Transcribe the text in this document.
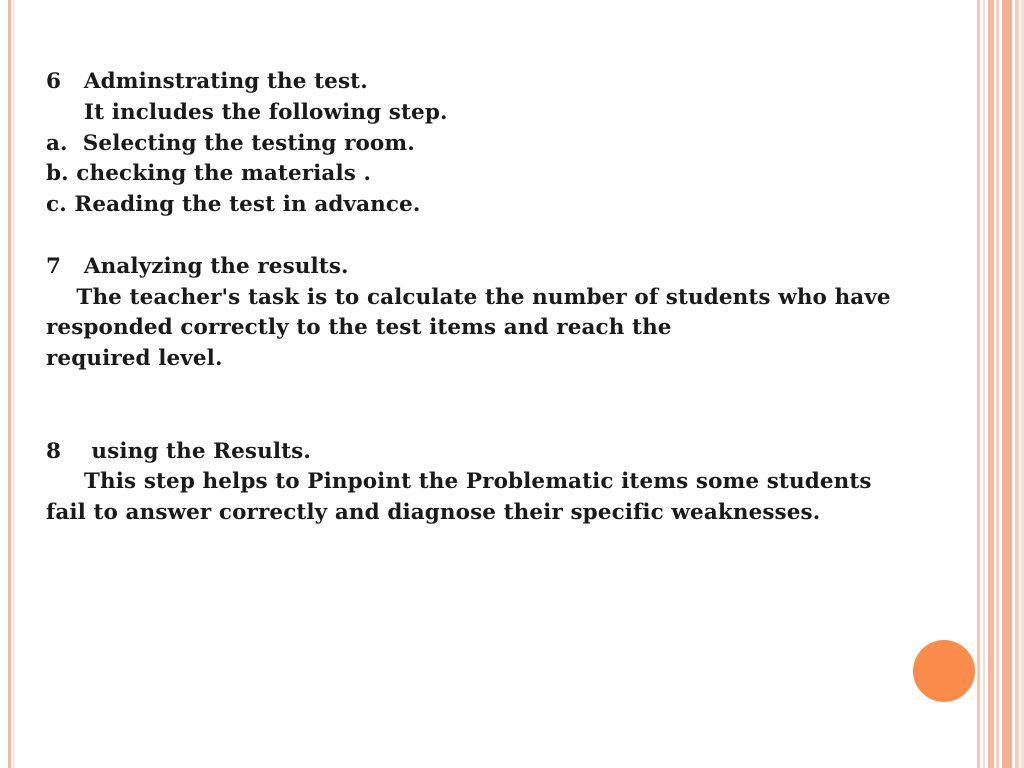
6   Adminstrating the test.
It includes the following step.
a.  Selecting the testing room.
b. checking the materials .
c. Reading the test in advance.
7   Analyzing the results.
The teacher's task is to calculate the number of students who have
responded correctly to the test items and reach the
required level.
8    using the Results.
This step helps to Pinpoint the Problematic items some students
fail to answer correctly and diagnose their specific weaknesses.
